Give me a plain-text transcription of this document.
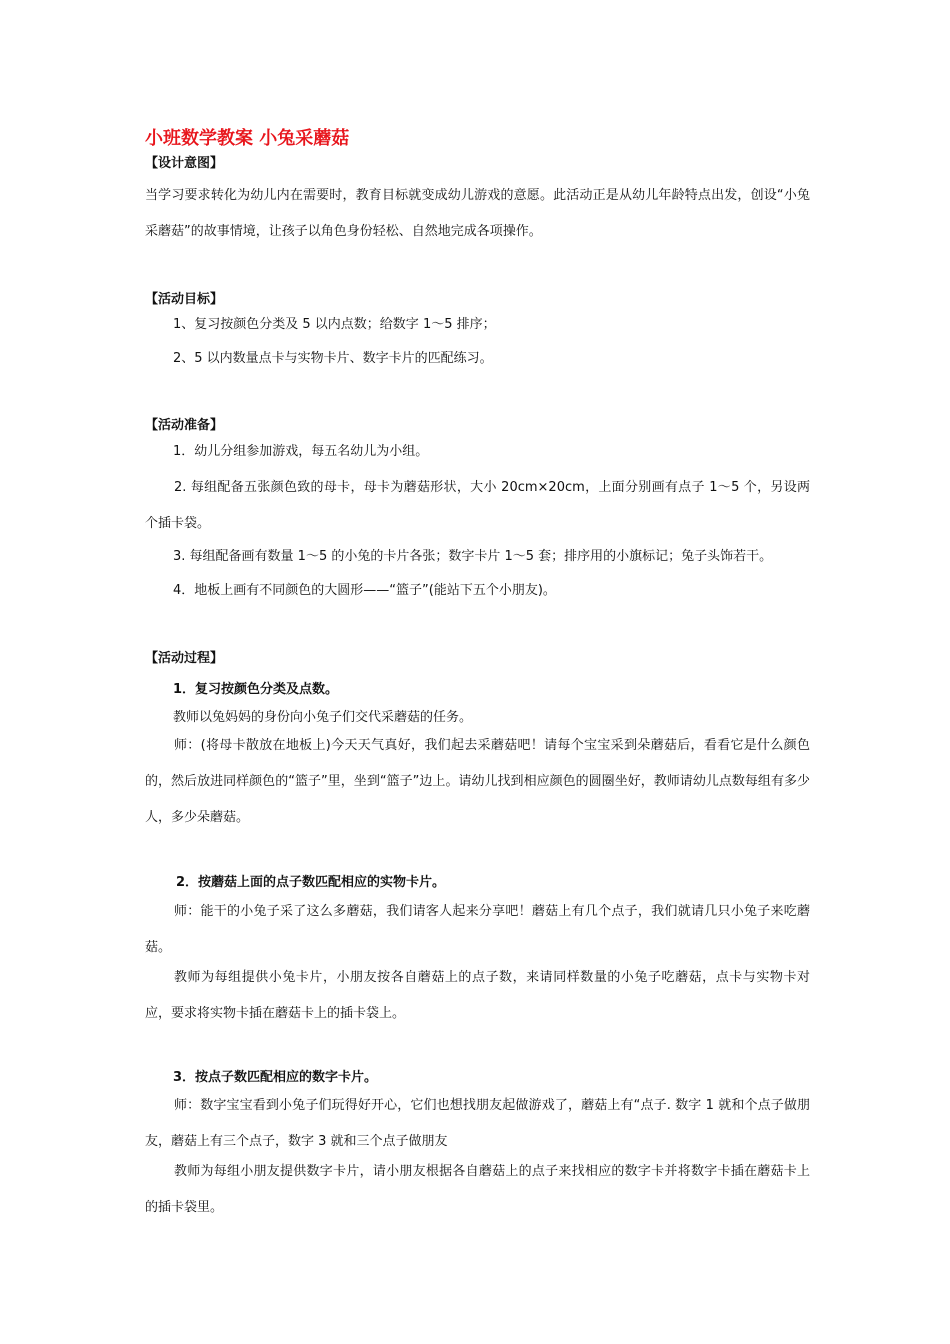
小班数学教案 小兔采蘑菇
【设计意图】
当学习要求转化为幼儿内在需要时，教育目标就变成幼儿游戏的意愿。此活动正是从幼儿年龄特点出发，创设“小兔采蘑菇”的故事情境，让孩子以角色身份轻松、自然地完成各项操作。
【活动目标】
1、复习按颜色分类及 5 以内点数；给数字 1～5 排序；
2、5 以内数量点卡与实物卡片、数字卡片的匹配练习。
【活动准备】
1．幼儿分组参加游戏，每五名幼儿为小组。
2. 每组配备五张颜色致的母卡，母卡为蘑菇形状，大小 20cm×20cm，上面分别画有点子 1～5 个，另设两个插卡袋。
3. 每组配备画有数量 1～5 的小兔的卡片各张；数字卡片 1～5 套；排序用的小旗标记；兔子头饰若干。
4．地板上画有不同颜色的大圆形——“篮子”(能站下五个小朋友)。
【活动过程】
1．复习按颜色分类及点数。
教师以兔妈妈的身份向小兔子们交代采蘑菇的任务。
师：(将母卡散放在地板上)今天天气真好，我们起去采蘑菇吧！请每个宝宝采到朵蘑菇后，看看它是什么颜色的，然后放进同样颜色的“篮子”里，坐到“篮子”边上。请幼儿找到相应颜色的圆圈坐好，教师请幼儿点数每组有多少人，多少朵蘑菇。
2．按蘑菇上面的点子数匹配相应的实物卡片。
师：能干的小兔子采了这么多蘑菇，我们请客人起来分享吧！蘑菇上有几个点子，我们就请几只小兔子来吃蘑菇。
教师为每组提供小兔卡片，小朋友按各自蘑菇上的点子数，来请同样数量的小兔子吃蘑菇，点卡与实物卡对应，要求将实物卡插在蘑菇卡上的插卡袋上。
3．按点子数匹配相应的数字卡片。
师：数字宝宝看到小兔子们玩得好开心，它们也想找朋友起做游戏了，蘑菇上有“点子. 数字 1 就和个点子做朋友，蘑菇上有三个点子，数字 3 就和三个点子做朋友
教师为每组小朋友提供数字卡片，请小朋友根据各自蘑菇上的点子来找相应的数字卡并将数字卡插在蘑菇卡上的插卡袋里。
